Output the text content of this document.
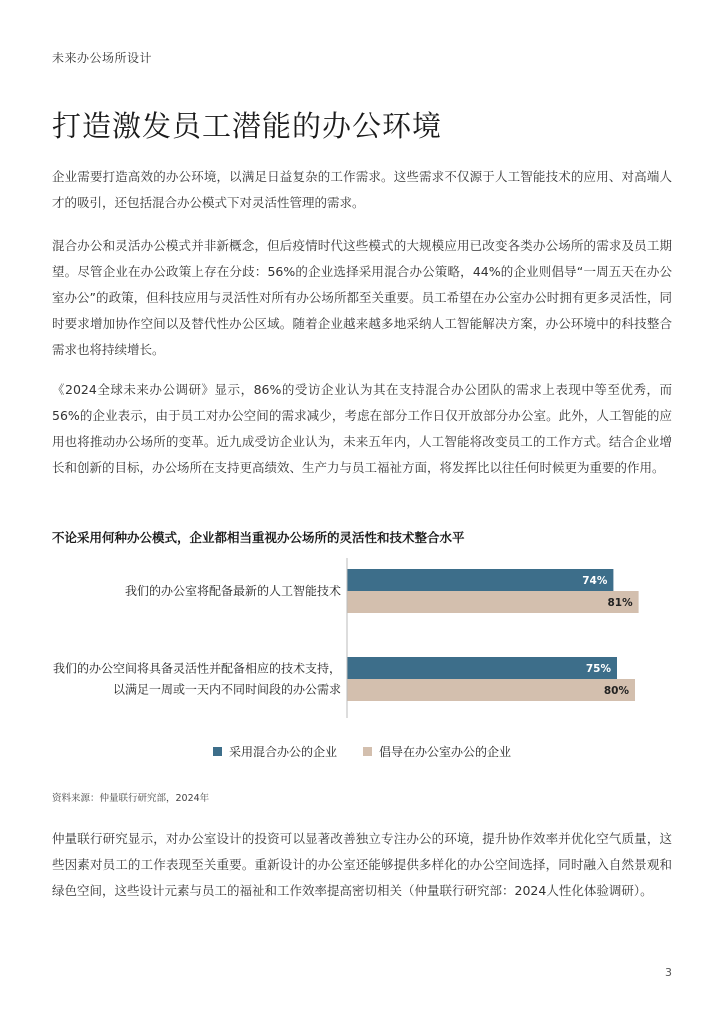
未来办公场所设计
打造激发员工潜能的办公环境

企业需要打造高效的办公环境，以满足日益复杂的工作需求。这些需求不仅源于人工智能技术的应用、对高端人才的吸引，还包括混合办公模式下对灵活性管理的需求。

混合办公和灵活办公模式并非新概念，但后疫情时代这些模式的大规模应用已改变各类办公场所的需求及员工期望。尽管企业在办公政策上存在分歧：56%的企业选择采用混合办公策略，44%的企业则倡导“一周五天在办公室办公”的政策，但科技应用与灵活性对所有办公场所都至关重要。员工希望在办公室办公时拥有更多灵活性，同时要求增加协作空间以及替代性办公区域。随着企业越来越多地采纳人工智能解决方案，办公环境中的科技整合需求也将持续增长。

《2024全球未来办公调研》显示，86%的受访企业认为其在支持混合办公团队的需求上表现中等至优秀，而56%的企业表示，由于员工对办公空间的需求减少，考虑在部分工作日仅开放部分办公室。此外，人工智能的应用也将推动办公场所的变革。近九成受访企业认为，未来五年内，人工智能将改变员工的工作方式。结合企业增长和创新的目标，办公场所在支持更高绩效、生产力与员工福祉方面，将发挥比以往任何时候更为重要的作用。

不论采用何种办公模式，企业都相当重视办公场所的灵活性和技术整合水平
74%
81%
我们的办公室将配备最新的人工智能技术
75%
80%
我们的办公空间将具备灵活性并配备相应的技术支持，
以满足一周或一天内不同时间段的办公需求
采用混合办公的企业	倡导在办公室办公的企业
资料来源：仲量联行研究部，2024年

仲量联行研究显示，对办公室设计的投资可以显著改善独立专注办公的环境，提升协作效率并优化空气质量，这些因素对员工的工作表现至关重要。重新设计的办公室还能够提供多样化的办公空间选择，同时融入自然景观和绿色空间，这些设计元素与员工的福祉和工作效率提高密切相关（仲量联行研究部：2024人性化体验调研）。

3
